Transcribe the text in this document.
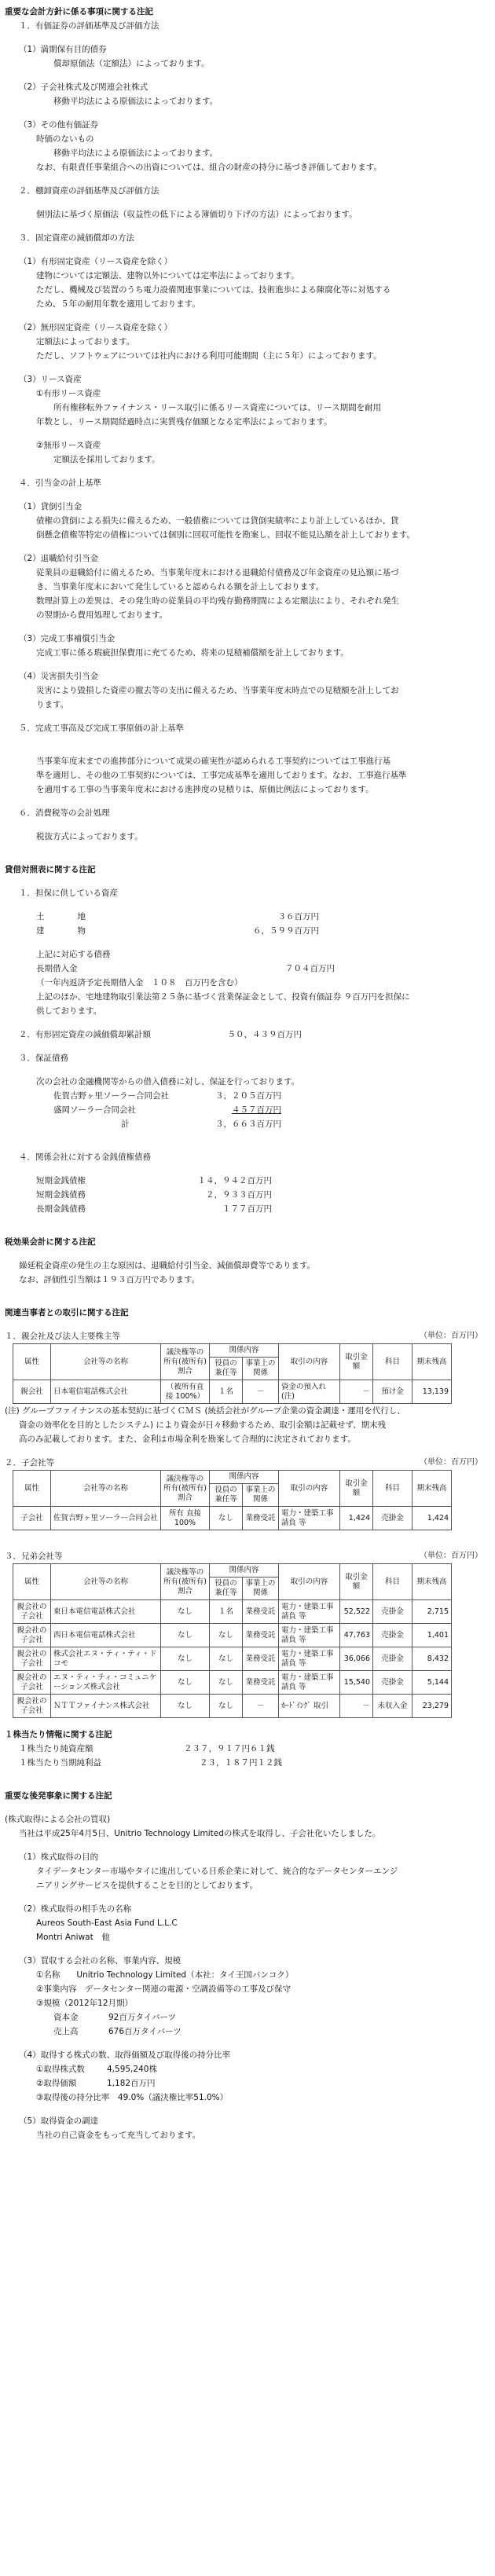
重要な会計方針に係る事項に関する注記
１．有価証券の評価基準及び評価方法
（1）満期保有目的債券
償却原価法（定額法）によっております。
（2）子会社株式及び関連会社株式
移動平均法による原価法によっております。
（3）その他有価証券
時価のないもの
移動平均法による原価法によっております。
なお、有限責任事業組合への出資については、組合の財産の持分に基づき評価しております。
２．棚卸資産の評価基準及び評価方法
個別法に基づく原価法（収益性の低下による簿価切り下げの方法）によっております。
３．固定資産の減価償却の方法
（1）有形固定資産（リース資産を除く）
建物については定額法、建物以外については定率法によっております。
ただし、機械及び装置のうち電力設備関連事業については、技術進歩による陳腐化等に対処する
ため、５年の耐用年数を適用しております。
（2）無形固定資産（リース資産を除く）
定額法によっております。
ただし、ソフトウェアについては社内における利用可能期間（主に５年）によっております。
（3）リース資産
①有形リース資産
所有権移転外ファイナンス・リース取引に係るリース資産については、リース期間を耐用
年数とし、リース期間経過時点に実質残存価額となる定率法によっております。
②無形リース資産
定額法を採用しております。
４．引当金の計上基準
（1）貸倒引当金
債権の貸倒による損失に備えるため、一般債権については貸倒実績率により計上しているほか、貸
倒懸念債権等特定の債権については個別に回収可能性を勘案し、回収不能見込額を計上しております。
（2）退職給付引当金
従業員の退職給付に備えるため、当事業年度末における退職給付債務及び年金資産の見込額に基づ
き、当事業年度末において発生していると認められる額を計上しております。
数理計算上の差異は、その発生時の従業員の平均残存勤務期間による定額法により、それぞれ発生
の翌期から費用処理しております。
（3）完成工事補償引当金
完成工事に係る瑕疵担保費用に充てるため、将来の見積補償額を計上しております。
（4）災害損失引当金
災害により毀損した資産の撤去等の支出に備えるため、当事業年度末時点での見積額を計上してお
ります。
５．完成工事高及び完成工事原価の計上基準
当事業年度末までの進捗部分について成果の確実性が認められる工事契約については工事進行基
準を適用し、その他の工事契約については、工事完成基準を適用しております。なお、工事進行基準
を適用する工事の当事業年度末における進捗度の見積りは、原価比例法によっております。
６．消費税等の会計処理
税抜方式によっております。
貸借対照表に関する注記
１．担保に供している資産
土　　　　地	３６百万円
建　　　　物	６，５９９百万円
上記に対応する債務
長期借入金	７０４百万円
（一年内返済予定長期借入金　１０８　百万円を含む）
上記のほか、宅地建物取引業法第２５条に基づく営業保証金として、投資有価証券 ９百万円を担保に
供しております。
２．有形固定資産の減価償却累計額	５０，４３９百万円
３．保証債務
次の会社の金融機関等からの借入債務に対し、保証を行っております。
佐賀吉野ヶ里ソーラー合同会社	３，２０５百万円
盛岡ソーラー合同会社	４５７百万円
計	３，６６３百万円
４．関係会社に対する金銭債権債務
短期金銭債権	１４，９４２百万円
短期金銭債務	２，９３３百万円
長期金銭債務	１７７百万円
税効果会計に関する注記
繰延税金資産の発生の主な原因は、退職給付引当金、減価償却費等であります。
なお、評価性引当額は１９３百万円であります。
関連当事者との取引に関する注記
１．親会社及び法人主要株主等	（単位：百万円）
属性	会社等の名称	議決権等の所有(被所有) 割合	関係内容		取引の内容	取引金額	科目	期末残高
			役員の兼任等	事業上の関係				
親会社	日本電信電話株式会社	（被所有直接 100%）	１名	－	資金の預入れ(注)	－	預け金	13,139
(注) グループファイナンスの基本契約に基づくＣＭＳ (統括会社がグループ企業の資金調達・運用を代行し、
資金の効率化を目的としたシステム) により資金が日々移動するため、取引金額は記載せず、期末残
高のみ記載しております。また、金利は市場金利を勘案して合理的に決定されております。
２．子会社等	（単位：百万円）
属性	会社等の名称	議決権等の所有(被所有) 割合	関係内容		取引の内容	取引金額	科目	期末残高
			役員の兼任等	事業上の関係				
子会社	佐賀吉野ヶ里ソーラー合同会社	所有 直接 100%	なし	業務受託	電力・建築工事請負 等	1,424	売掛金	1,424
３．兄弟会社等	（単位：百万円）
属性	会社等の名称	議決権等の所有(被所有) 割合	関係内容		取引の内容	取引金額	科目	期末残高
			役員の兼任等	事業上の関係				
親会社の子会社	東日本電信電話株式会社	なし	１名	業務受託	電力・建築工事請負 等	52,522	売掛金	2,715
親会社の子会社	西日本電信電話株式会社	なし	なし	業務受託	電力・建築工事請負 等	47,763	売掛金	1,401
親会社の子会社	株式会社エヌ・ティ・ティ・ドコモ	なし	なし	業務受託	電力・建築工事請負 等	36,066	売掛金	8,432
親会社の子会社	エヌ・ティ・ティ・コミュニケーションズ株式会社	なし	なし	業務受託	電力・建築工事請負 等	15,540	売掛金	5,144
親会社の子会社	ＮＴＴファイナンス株式会社	なし	なし	－	ｶｰﾄﾞｲﾝｸﾞ 取引	－	未収入金	23,279
１株当たり情報に関する注記
１株当たり純資産額	２３７，９１７円６１銭
１株当たり当期純利益	２３，１８７円１２銭
重要な後発事象に関する注記
(株式取得による会社の買収)
当社は平成25年4月5日、Unitrio Technology Limitedの株式を取得し、子会社化いたしました。
（1）株式取得の目的
タイデータセンター市場やタイに進出している日系企業に対して、統合的なデータセンターエンジ
ニアリングサービスを提供することを目的としております。
（2）株式取得の相手先の名称
Aureos South-East Asia Fund L.L.C
Montri Aniwat　他
（3）買収する会社の名称、事業内容、規模
①名称　　Unitrio Technology Limited（本社：タイ王国バンコク）
②事業内容　データセンター関連の電源・空調設備等の工事及び保守
③規模（2012年12月期）
資本金	92百万タイバーツ
売上高	676百万タイバーツ
（4）取得する株式の数、取得価額及び取得後の持分比率
①取得株式数	4,595,240株
②取得価額	1,182百万円
③取得後の持分比率　49.0%（議決権比率51.0%）
（5）取得資金の調達
当社の自己資金をもって充当しております。
